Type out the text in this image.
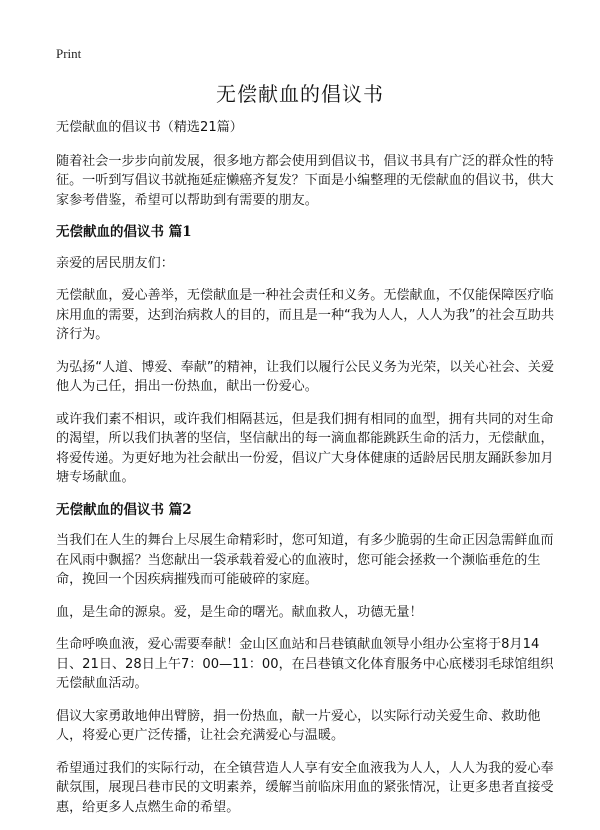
Print
无偿献血的倡议书

无偿献血的倡议书（精选21篇）

随着社会一步步向前发展，很多地方都会使用到倡议书，倡议书具有广泛的群众性的特征。一听到写倡议书就拖延症懒癌齐复发？下面是小编整理的无偿献血的倡议书，供大家参考借鉴，希望可以帮助到有需要的朋友。

无偿献血的倡议书 篇1

亲爱的居民朋友们：

无偿献血，爱心善举，无偿献血是一种社会责任和义务。无偿献血，不仅能保障医疗临床用血的需要，达到治病救人的目的，而且是一种“我为人人，人人为我”的社会互助共济行为。

为弘扬“人道、博爱、奉献”的精神，让我们以履行公民义务为光荣，以关心社会、关爱他人为己任，捐出一份热血，献出一份爱心。

或许我们素不相识，或许我们相隔甚远，但是我们拥有相同的血型，拥有共同的对生命的渴望，所以我们执著的坚信，坚信献出的每一滴血都能跳跃生命的活力，无偿献血，将爱传递。为更好地为社会献出一份爱，倡议广大身体健康的适龄居民朋友踊跃参加月塘专场献血。

无偿献血的倡议书 篇2

当我们在人生的舞台上尽展生命精彩时，您可知道，有多少脆弱的生命正因急需鲜血而在风雨中飘摇？当您献出一袋承载着爱心的血液时，您可能会拯救一个濒临垂危的生命，挽回一个因疾病摧残而可能破碎的家庭。

血，是生命的源泉。爱，是生命的曙光。献血救人，功德无量！

生命呼唤血液，爱心需要奉献！金山区血站和吕巷镇献血领导小组办公室将于8月14日、21日、28日上午7：00—11：00，在吕巷镇文化体育服务中心底楼羽毛球馆组织无偿献血活动。

倡议大家勇敢地伸出臂膀，捐一份热血，献一片爱心，以实际行动关爱生命、救助他人，将爱心更广泛传播，让社会充满爱心与温暖。

希望通过我们的实际行动，在全镇营造人人享有安全血液我为人人，人人为我的爱心奉献氛围，展现吕巷市民的文明素养，缓解当前临床用血的紧张情况，让更多患者直接受惠，给更多人点燃生命的希望。
